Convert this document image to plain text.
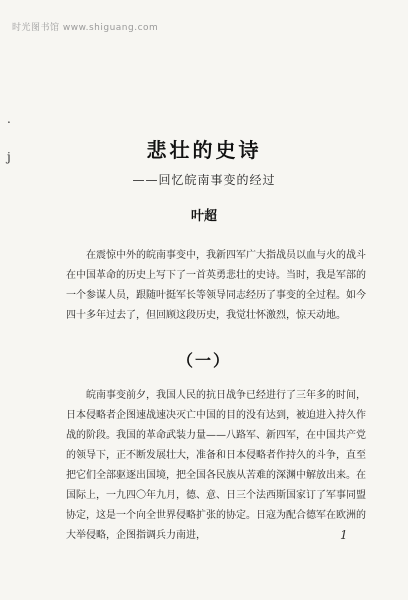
时光图书馆 www.shiguang.com
.
j	悲壮的史诗
——回忆皖南事变的经过
叶超

在震惊中外的皖南事变中，我新四军广大指战员以血与火的战斗在中国革命的历史上写下了一首英勇悲壮的史诗。当时，我是军部的一个参谋人员，跟随叶挺军长等领导同志经历了事变的全过程。如今四十多年过去了，但回顾这段历史，我觉壮怀激烈，惊天动地。

（一）

皖南事变前夕，我国人民的抗日战争已经进行了三年多的时间，日本侵略者企图速战速决灭亡中国的目的没有达到，被迫进入持久作战的阶段。我国的革命武装力量——八路军、新四军，在中国共产党的领导下，正不断发展壮大，准备和日本侵略者作持久的斗争，直至把它们全部驱逐出国境，把全国各民族从苦难的深渊中解放出来。在国际上，一九四〇年九月，德、意、日三个法西斯国家订了军事同盟协定，这是一个向全世界侵略扩张的协定。日寇为配合德军在欧洲的大举侵略，企图指调兵力南进，	1
